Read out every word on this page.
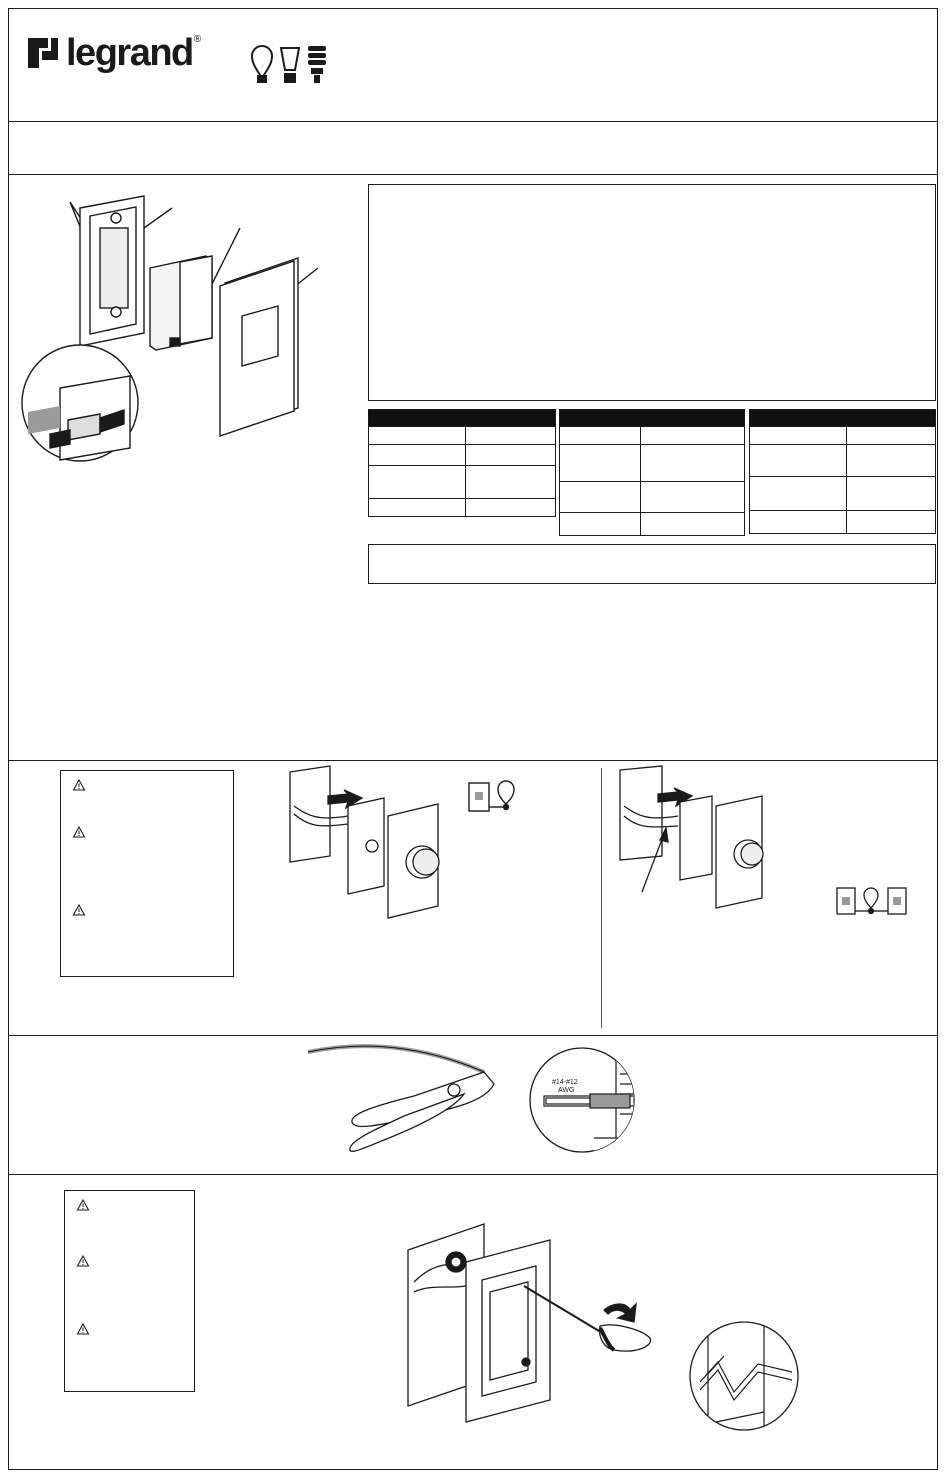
legrand ®

#14-#12
AWG
